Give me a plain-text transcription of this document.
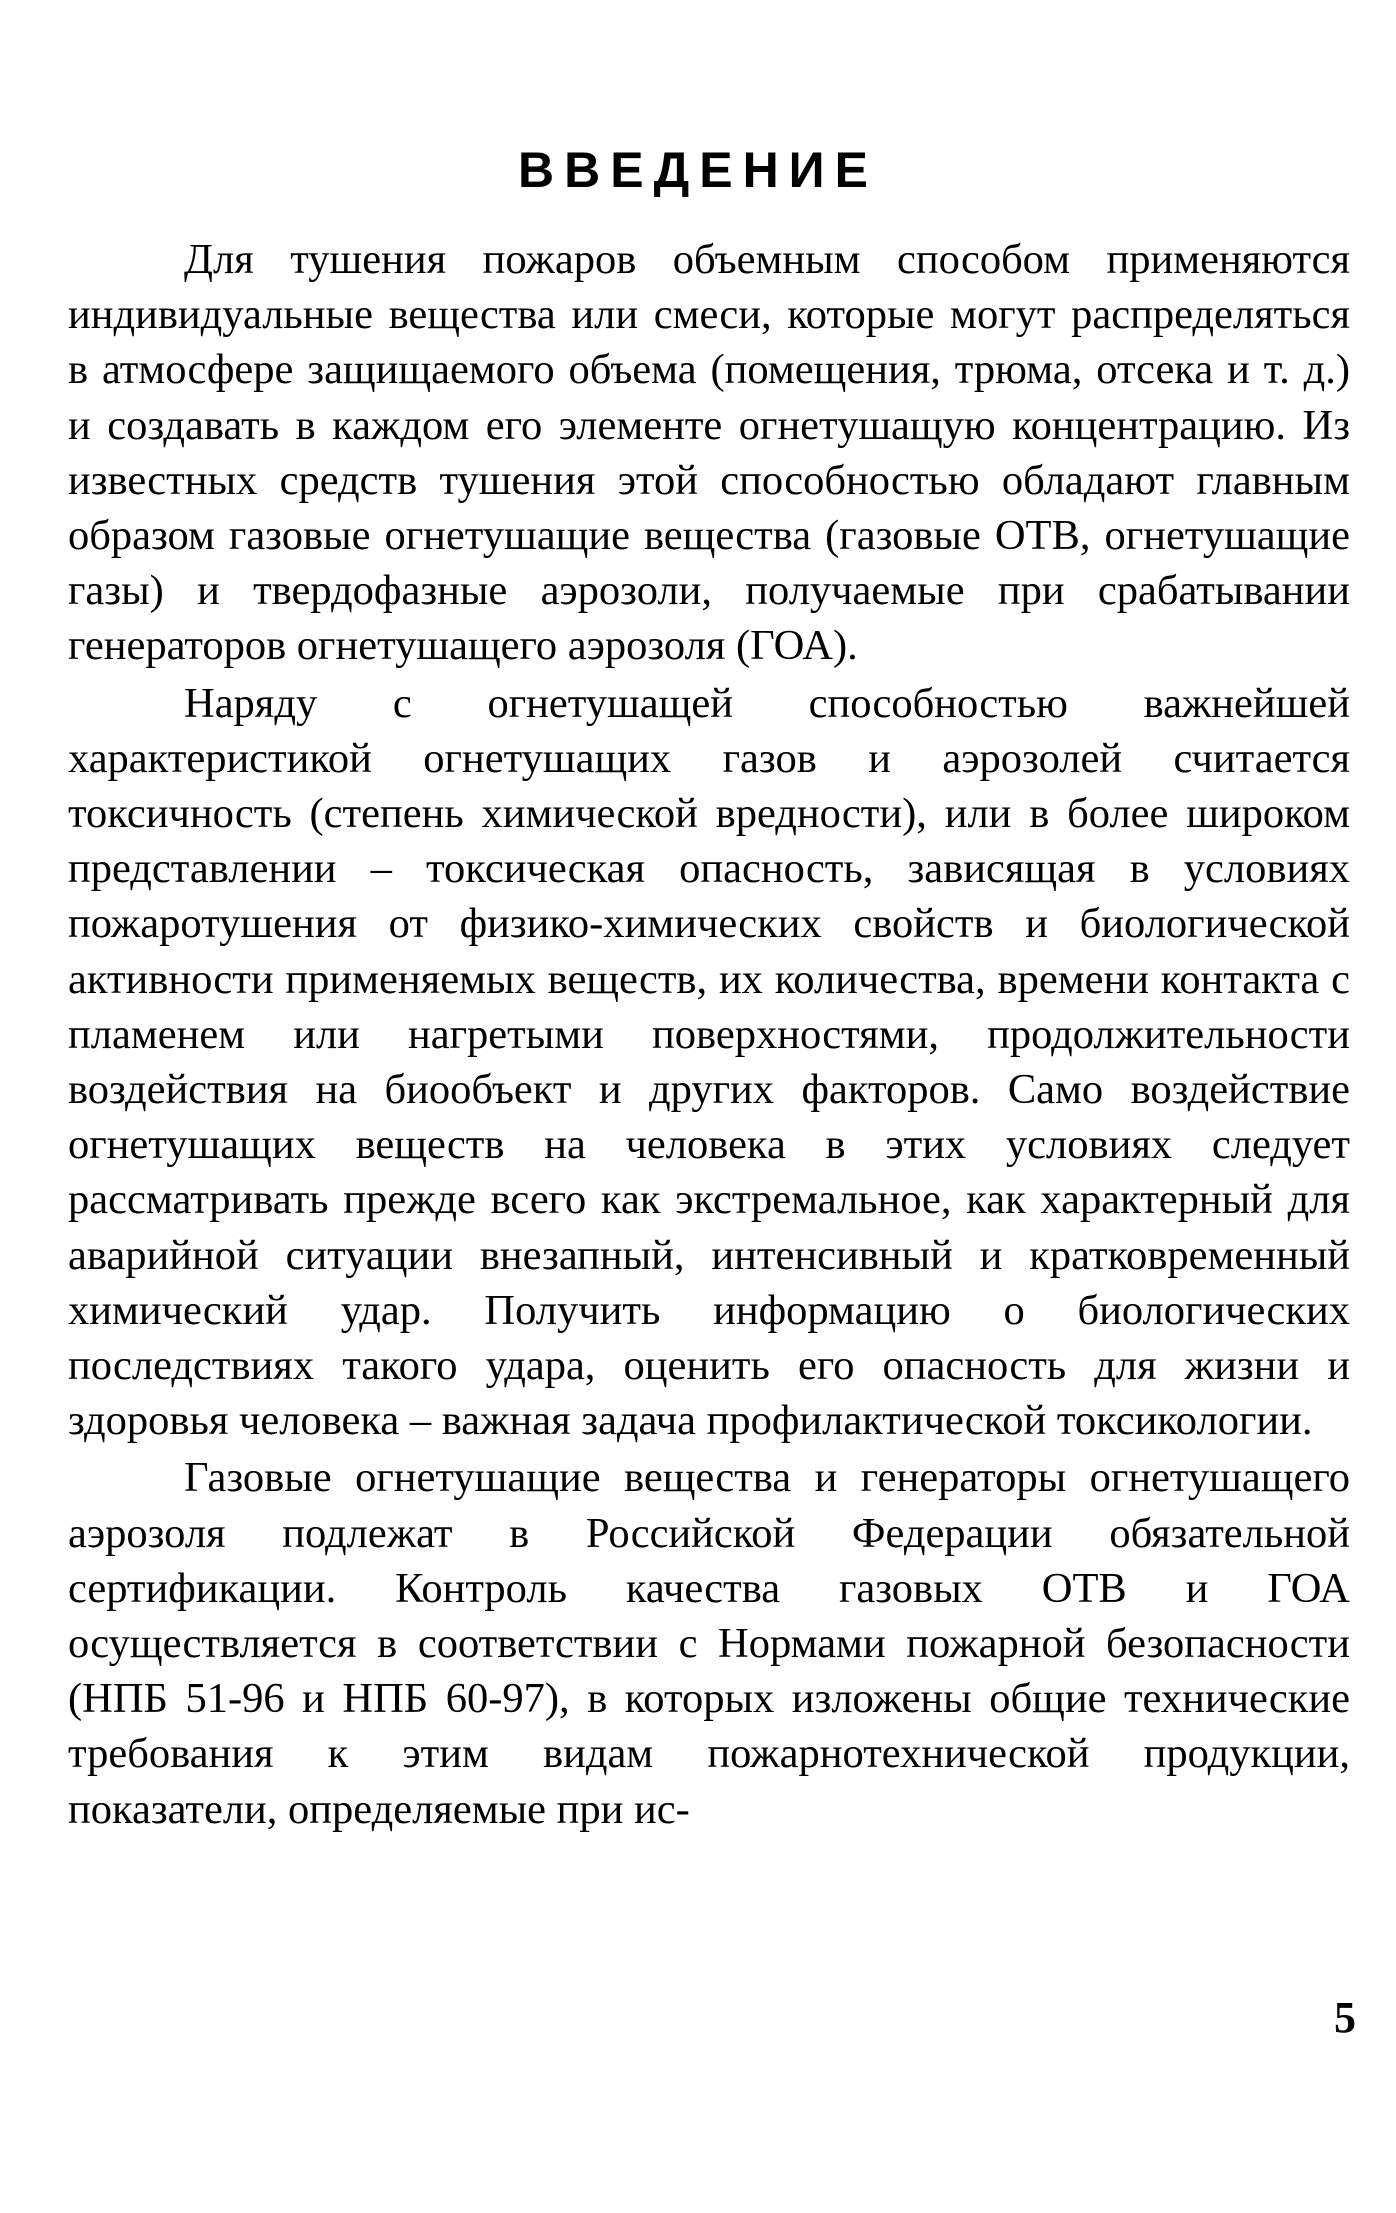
ВВЕДЕНИЕ

Для тушения пожаров объемным способом применяются индивидуальные вещества или смеси, которые могут распределяться в атмосфере защищаемого объема (помещения, трюма, отсека и т. д.) и создавать в каждом его элементе огнетушащую концентрацию. Из известных средств тушения этой способностью обладают главным образом газовые огнетушащие вещества (газовые ОТВ, огнетушащие газы) и твердофазные аэрозоли, получаемые при срабатывании генераторов огнетушащего аэрозоля (ГОА).

Наряду с огнетушащей способностью важнейшей характеристикой огнетушащих газов и аэрозолей считается токсичность (степень химической вредности), или в более широком представлении – токсическая опасность, зависящая в условиях пожаротушения от физико-химических свойств и биологической активности применяемых веществ, их количества, времени контакта с пламенем или нагретыми поверхностями, продолжительности воздействия на биообъект и других факторов. Само воздействие огнетушащих веществ на человека в этих условиях следует рассматривать прежде всего как экстремальное, как характерный для аварийной ситуации внезапный, интенсивный и кратковременный химический удар. Получить информацию о биологических последствиях такого удара, оценить его опасность для жизни и здоровья человека – важная задача профилактической токсикологии.

Газовые огнетушащие вещества и генераторы огнетушащего аэрозоля подлежат в Российской Федерации обязательной сертификации. Контроль качества газовых ОТВ и ГОА осуществляется в соответствии с Нормами пожарной безопасности (НПБ 51-96 и НПБ 60-97), в которых изложены общие технические требования к этим видам пожарнотехнической продукции, показатели, определяемые при ис-

5
